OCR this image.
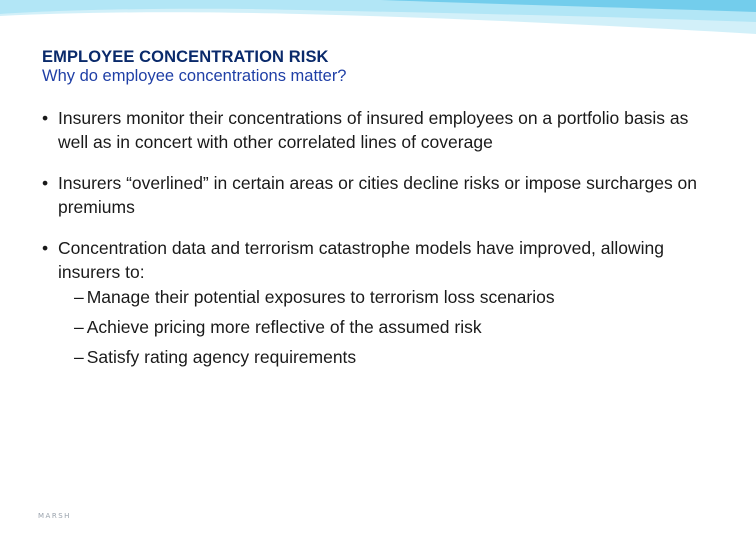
EMPLOYEE CONCENTRATION RISK
Why do employee concentrations matter?
• Insurers monitor their concentrations of insured employees on a portfolio basis as well as in concert with other correlated lines of coverage
• Insurers “overlined” in certain areas or cities decline risks or impose surcharges on premiums
• Concentration data and terrorism catastrophe models have improved, allowing insurers to:
– Manage their potential exposures to terrorism loss scenarios
– Achieve pricing more reflective of the assumed risk
– Satisfy rating agency requirements
MARSH
